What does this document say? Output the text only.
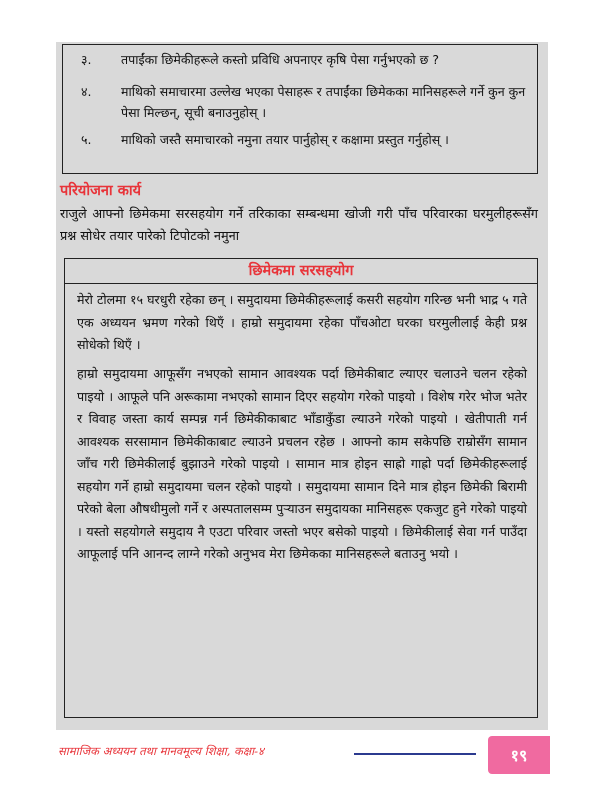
३.	तपाईंका छिमेकीहरूले कस्तो प्रविधि अपनाएर कृषि पेसा गर्नुभएको छ ?
४.	माथिको समाचारमा उल्लेख भएका पेसाहरू र तपाईंका छिमेकका मानिसहरूले गर्ने कुन कुन पेसा मिल्छन्, सूची बनाउनुहोस् ।
५.	माथिको जस्तै समाचारको नमुना तयार पार्नुहोस् र कक्षामा प्रस्तुत गर्नुहोस् ।
परियोजना कार्य
राजुले आफ्नो छिमेकमा सरसहयोग गर्ने तरिकाका सम्बन्धमा खोजी गरी पाँच परिवारका घरमुलीहरूसँग प्रश्न सोधेर तयार पारेको टिपोटको नमुना
छिमेकमा सरसहयोग
मेरो टोलमा १५ घरधुरी रहेका छन् । समुदायमा छिमेकीहरूलाई कसरी सहयोग गरिन्छ भनी भाद्र ५ गते एक अध्ययन भ्रमण गरेको थिएँ । हाम्रो समुदायमा रहेका पाँचओटा घरका घरमुलीलाई केही प्रश्न सोधेको थिएँ ।
हाम्रो समुदायमा आफूसँग नभएको सामान आवश्यक पर्दा छिमेकीबाट ल्याएर चलाउने चलन रहेको पाइयो । आफूले पनि अरूकामा नभएको सामान दिएर सहयोग गरेको पाइयो । विशेष गरेर भोज भतेर र विवाह जस्ता कार्य सम्पन्न गर्न छिमेकीकाबाट भाँडाकुँडा ल्याउने गरेको पाइयो । खेतीपाती गर्न आवश्यक सरसामान छिमेकीकाबाट ल्याउने प्रचलन रहेछ । आफ्नो काम सकेपछि राम्रोसँग सामान जाँच गरी छिमेकीलाई बुझाउने गरेको पाइयो । सामान मात्र होइन साह्रो गाह्रो पर्दा छिमेकीहरूलाई सहयोग गर्ने हाम्रो समुदायमा चलन रहेको पाइयो । समुदायमा सामान दिने मात्र होइन छिमेकी बिरामी परेको बेला औषधीमुलो गर्ने र अस्पतालसम्म पुऱ्याउन समुदायका मानिसहरू एकजुट हुने गरेको पाइयो । यस्तो सहयोगले समुदाय नै एउटा परिवार जस्तो भएर बसेको पाइयो । छिमेकीलाई सेवा गर्न पाउँदा आफूलाई पनि आनन्द लाग्ने गरेको अनुभव मेरा छिमेकका मानिसहरूले बताउनु भयो ।
सामाजिक अध्ययन तथा मानवमूल्य शिक्षा, कक्षा-४	१९
